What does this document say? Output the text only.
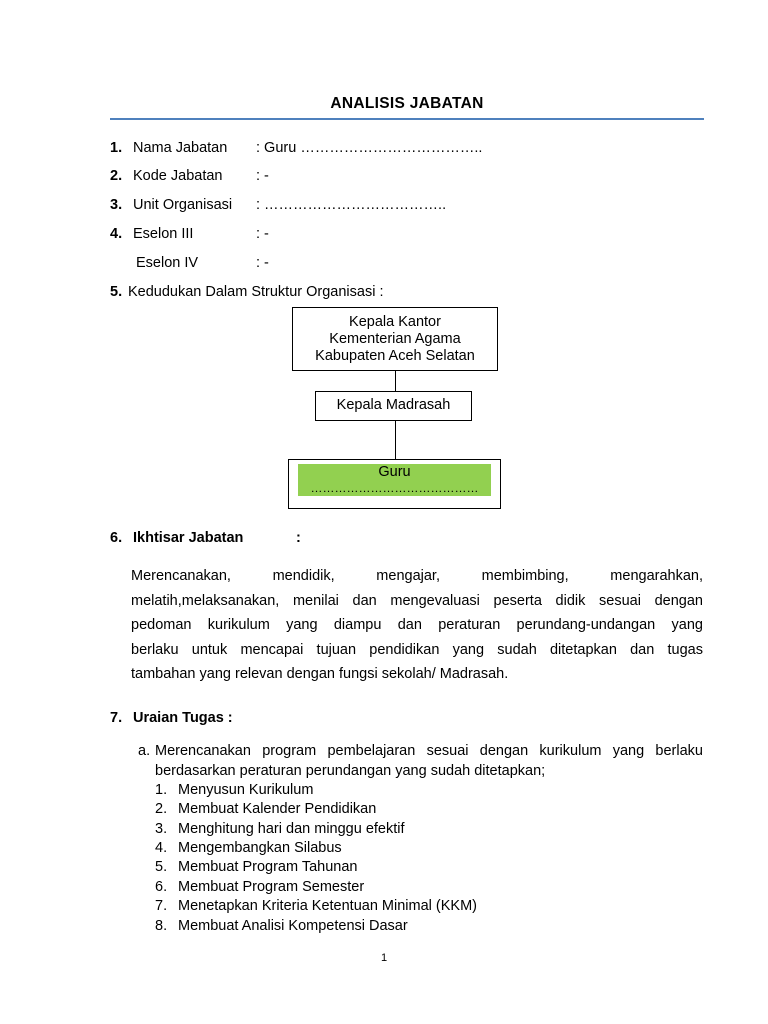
ANALISIS JABATAN
1. Nama Jabatan : Guru ………………………………..
2. Kode Jabatan : -
3. Unit Organisasi : ………………………………..
4. Eselon III	: -
Eselon IV	: -
5. Kedudukan Dalam Struktur Organisasi :
Kepala Kantor
Kementerian Agama
Kabupaten Aceh Selatan
Kepala Madrasah
Guru
……………………………………
6. Ikhtisar Jabatan	:
Merencanakan, mendidik, mengajar, membimbing, mengarahkan,
melatih,melaksanakan, menilai dan mengevaluasi peserta didik sesuai dengan
pedoman kurikulum yang diampu dan peraturan perundang-undangan yang
berlaku untuk mencapai tujuan pendidikan yang sudah ditetapkan dan tugas
tambahan yang relevan dengan fungsi sekolah/ Madrasah.
7. Uraian Tugas :
a. Merencanakan program pembelajaran sesuai dengan kurikulum yang berlaku
berdasarkan peraturan perundangan yang sudah ditetapkan;
1. Menyusun Kurikulum
2. Membuat Kalender Pendidikan
3. Menghitung hari dan minggu efektif
4. Mengembangkan Silabus
5. Membuat Program Tahunan
6. Membuat Program Semester
7. Menetapkan Kriteria Ketentuan Minimal (KKM)
8. Membuat Analisi Kompetensi Dasar
1
